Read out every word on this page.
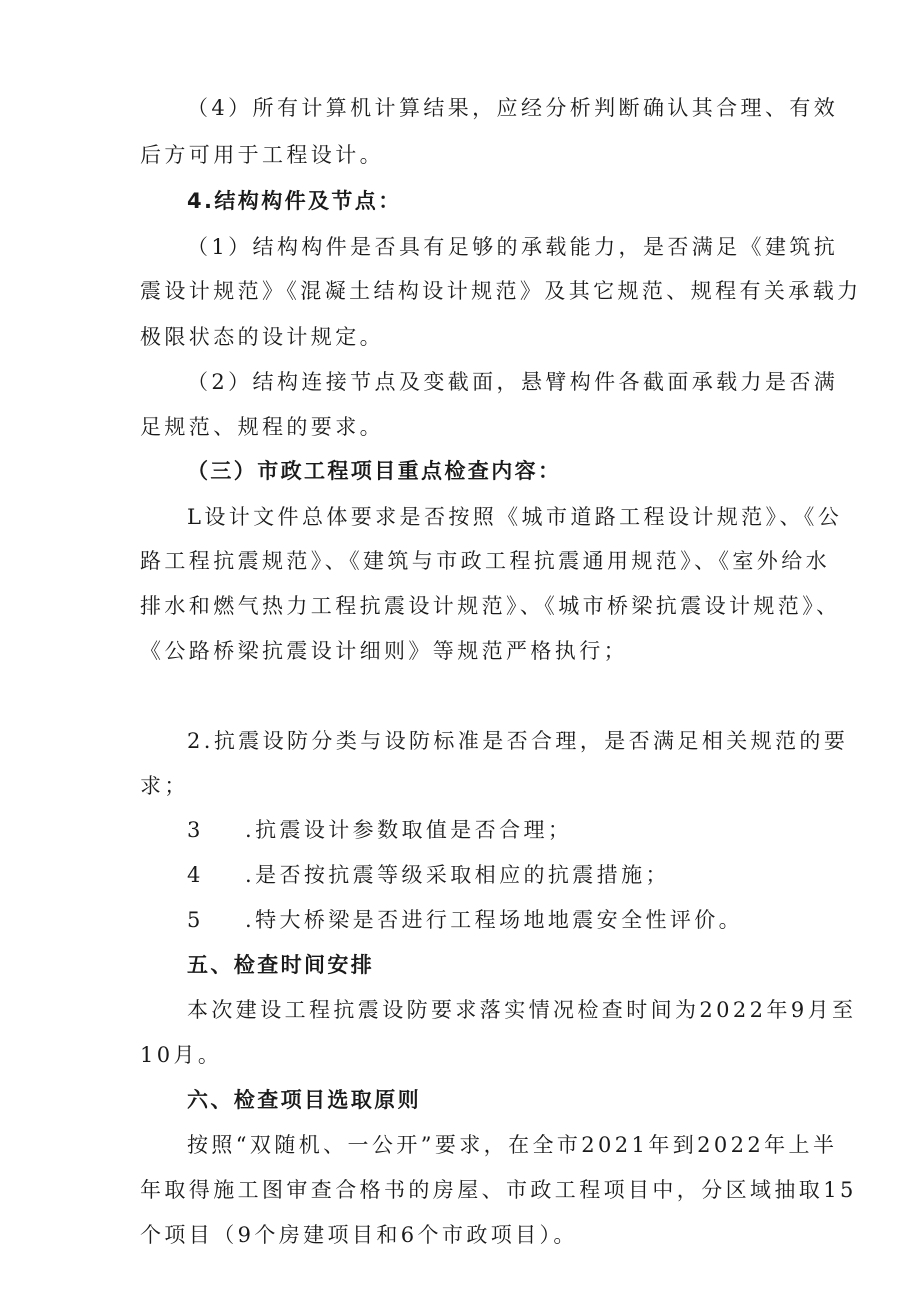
（4）所有计算机计算结果，应经分析判断确认其合理、有效
后方可用于工程设计。
4.结构构件及节点：
（1）结构构件是否具有足够的承载能力，是否满足《建筑抗
震设计规范》《混凝土结构设计规范》及其它规范、规程有关承载力
极限状态的设计规定。
（2）结构连接节点及变截面，悬臂构件各截面承载力是否满
足规范、规程的要求。
（三）市政工程项目重点检查内容：
L设计文件总体要求是否按照《城市道路工程设计规范》、《公
路工程抗震规范》、《建筑与市政工程抗震通用规范》、《室外给水
排水和燃气热力工程抗震设计规范》、《城市桥梁抗震设计规范》、
《公路桥梁抗震设计细则》等规范严格执行；
2.抗震设防分类与设防标准是否合理，是否满足相关规范的要
求；
3 .抗震设计参数取值是否合理；
4 .是否按抗震等级采取相应的抗震措施；
5 .特大桥梁是否进行工程场地地震安全性评价。
五、检查时间安排
本次建设工程抗震设防要求落实情况检查时间为2022年9月至
10月。
六、检查项目选取原则
按照“双随机、一公开”要求，在全市2021年到2022年上半
年取得施工图审查合格书的房屋、市政工程项目中，分区域抽取15
个项目（9个房建项目和6个市政项目）。
